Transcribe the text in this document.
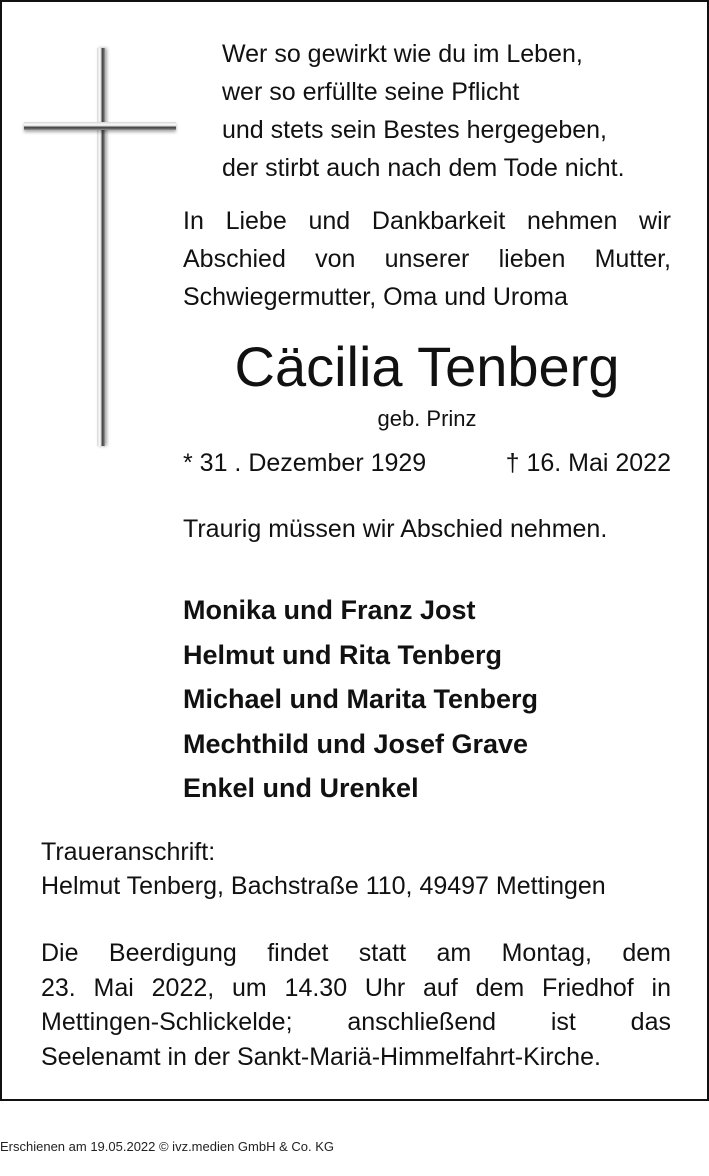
Wer so gewirkt wie du im Leben,
wer so erfüllte seine Pflicht
und stets sein Bestes hergegeben,
der stirbt auch nach dem Tode nicht.
In Liebe und Dankbarkeit nehmen wir
Abschied von unserer lieben Mutter,
Schwiegermutter, Oma und Uroma
Cäcilia Tenberg
geb. Prinz
* 31 . Dezember 1929	† 16. Mai 2022
Traurig müssen wir Abschied nehmen.
Monika und Franz Jost
Helmut und Rita Tenberg
Michael und Marita Tenberg
Mechthild und Josef Grave
Enkel und Urenkel
Traueranschrift:
Helmut Tenberg, Bachstraße 110, 49497 Mettingen
Die Beerdigung findet statt am Montag, dem
23. Mai 2022, um 14.30 Uhr auf dem Friedhof in
Mettingen-Schlickelde; anschließend ist das
Seelenamt in der Sankt-Mariä-Himmelfahrt-Kirche.
Erschienen am 19.05.2022 © ivz.medien GmbH & Co. KG
